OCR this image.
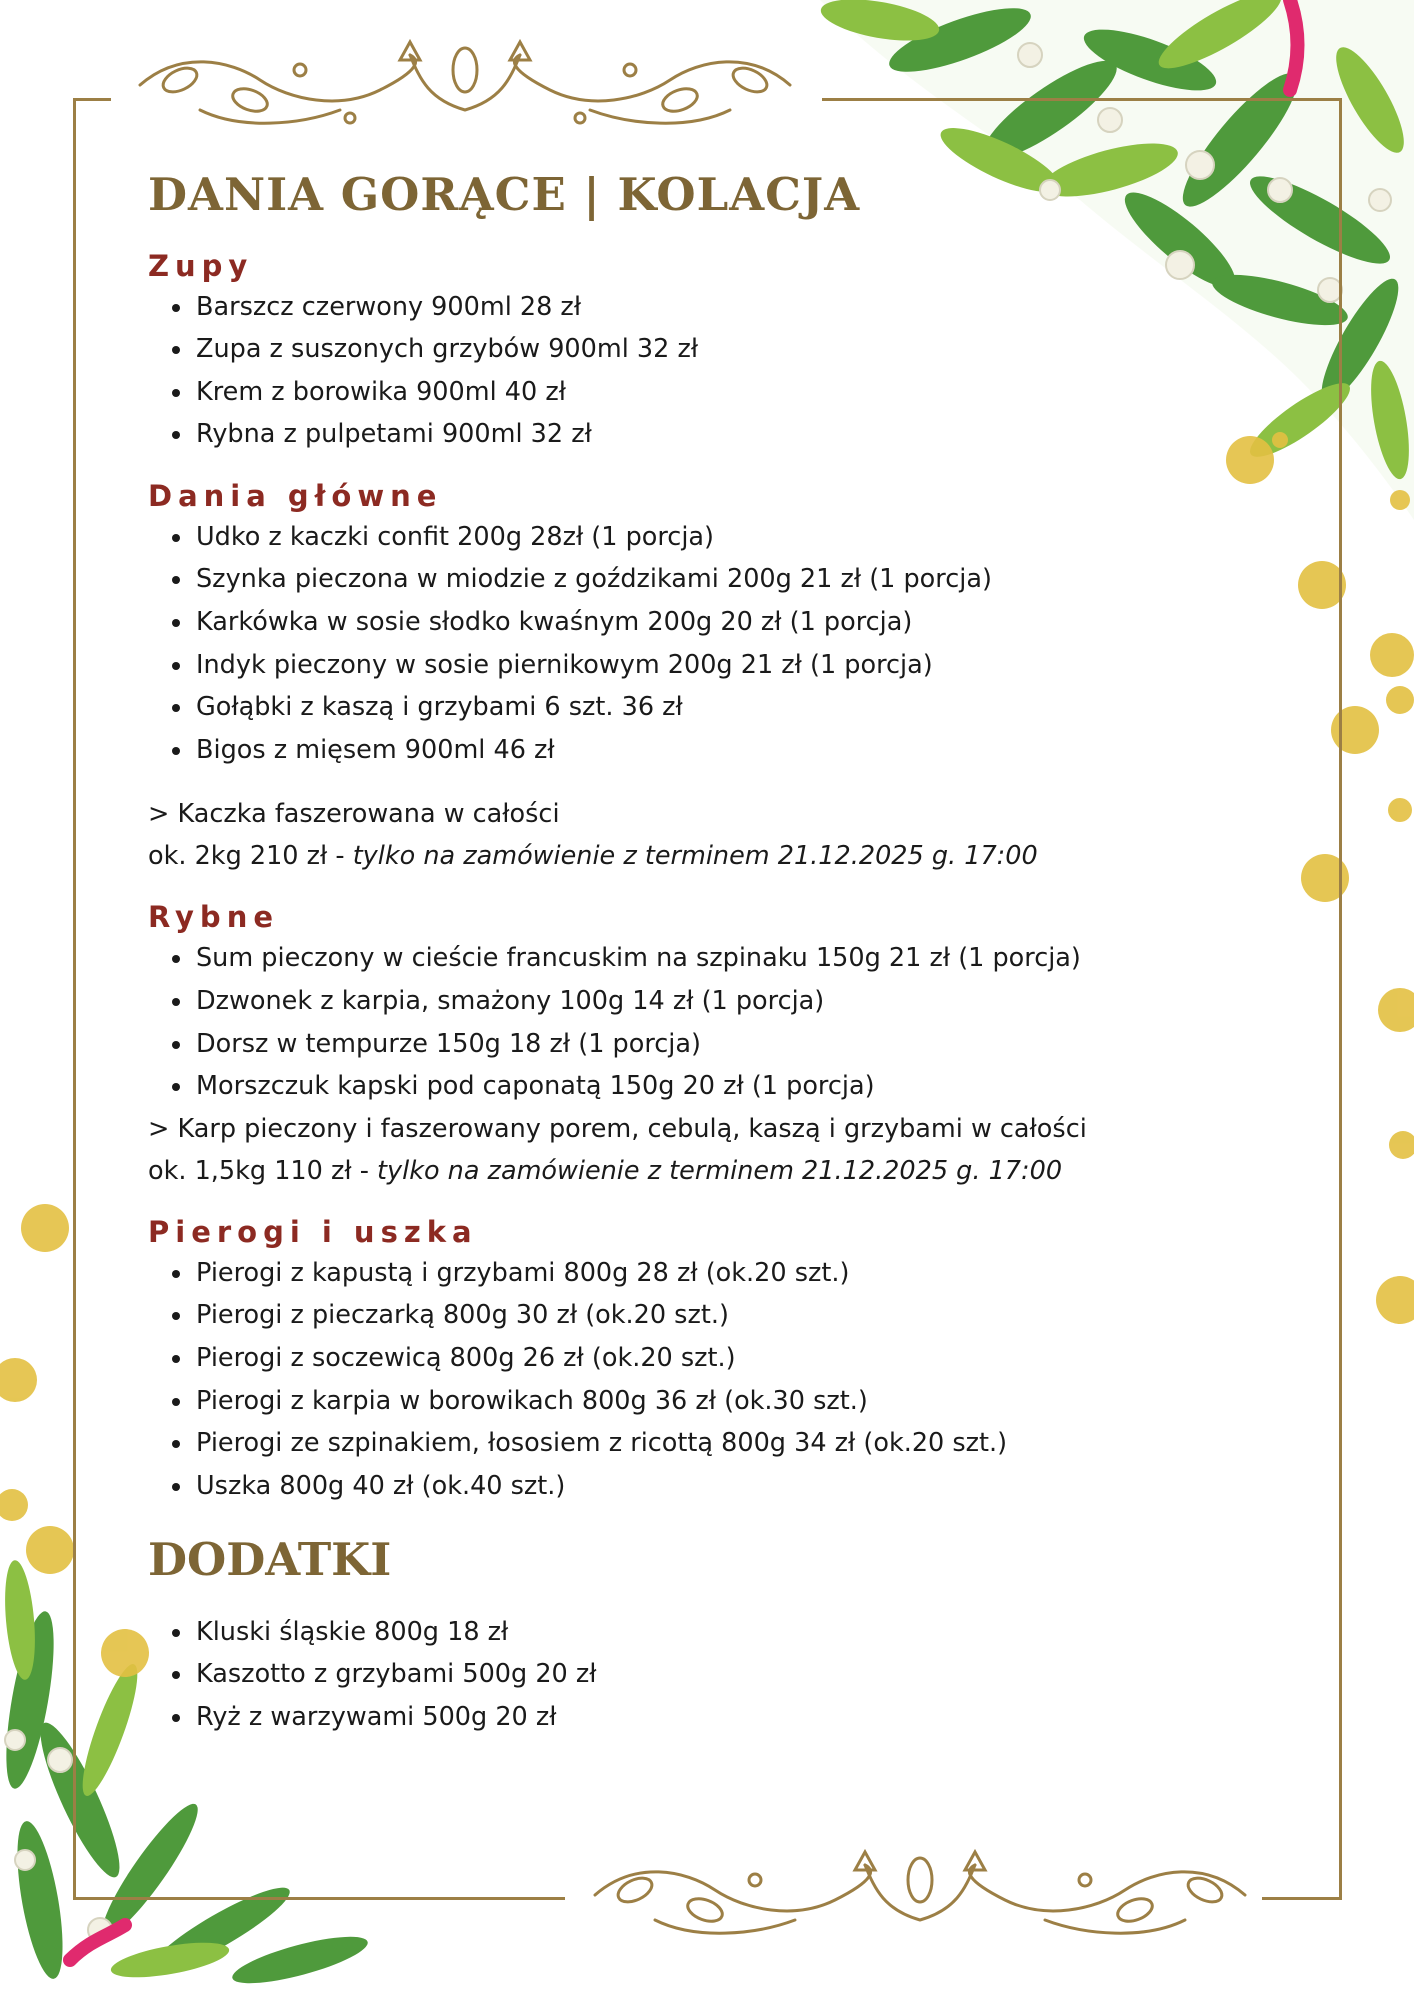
DANIA GORĄCE | KOLACJA
Zupy
Barszcz czerwony 900ml 28 zł
Zupa z suszonych grzybów 900ml 32 zł
Krem z borowika 900ml 40 zł
Rybna z pulpetami 900ml 32 zł
Dania główne
Udko z kaczki confit 200g 28zł (1 porcja)
Szynka pieczona w miodzie z goździkami 200g 21 zł (1 porcja)
Karkówka w sosie słodko kwaśnym 200g 20 zł (1 porcja)
Indyk pieczony w sosie piernikowym 200g 21 zł (1 porcja)
Gołąbki z kaszą i grzybami 6 szt. 36 zł
Bigos z mięsem 900ml 46 zł
> Kaczka faszerowana w całości
ok. 2kg 210 zł - tylko na zamówienie z terminem 21.12.2025 g. 17:00
Rybne
Sum pieczony w cieście francuskim na szpinaku 150g 21 zł (1 porcja)
Dzwonek z karpia, smażony 100g 14 zł (1 porcja)
Dorsz w tempurze 150g 18 zł (1 porcja)
Morszczuk kapski pod caponatą 150g 20 zł (1 porcja)
> Karp pieczony i faszerowany porem, cebulą, kaszą i grzybami w całości
ok. 1,5kg 110 zł - tylko na zamówienie z terminem 21.12.2025 g. 17:00
Pierogi i uszka
Pierogi z kapustą i grzybami 800g 28 zł (ok.20 szt.)
Pierogi z pieczarką 800g 30 zł (ok.20 szt.)
Pierogi z soczewicą 800g 26 zł (ok.20 szt.)
Pierogi z karpia w borowikach 800g 36 zł (ok.30 szt.)
Pierogi ze szpinakiem, łososiem z ricottą 800g 34 zł (ok.20 szt.)
Uszka 800g 40 zł (ok.40 szt.)
DODATKI
Kluski śląskie 800g 18 zł
Kaszotto z grzybami 500g 20 zł
Ryż z warzywami 500g 20 zł
